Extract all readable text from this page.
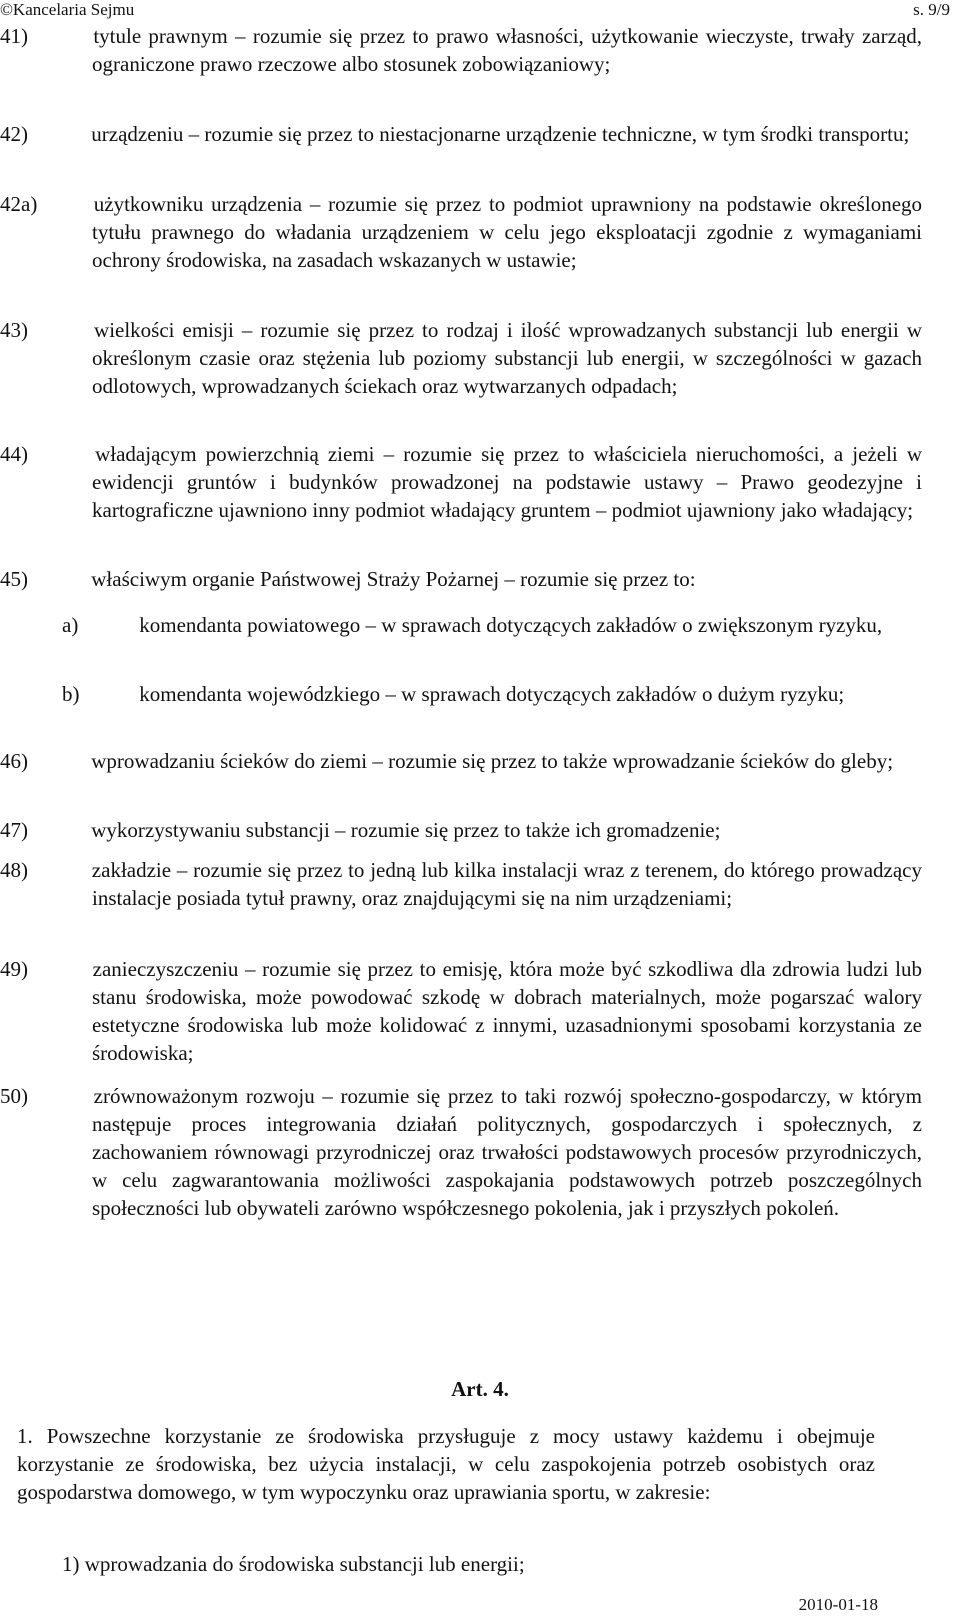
©Kancelaria Sejmu	s. 9/9
41)	tytule prawnym – rozumie się przez to prawo własności, użytkowanie wieczyste, trwały zarząd, ograniczone prawo rzeczowe albo stosunek zobowiązaniowy;
42)	urządzeniu – rozumie się przez to niestacjonarne urządzenie techniczne, w tym środki transportu;
42a)	użytkowniku urządzenia – rozumie się przez to podmiot uprawniony na podstawie określonego tytułu prawnego do władania urządzeniem w celu jego eksploatacji zgodnie z wymaganiami ochrony środowiska, na zasadach wskazanych w ustawie;
43)	wielkości emisji – rozumie się przez to rodzaj i ilość wprowadzanych substancji lub energii w określonym czasie oraz stężenia lub poziomy substancji lub energii, w szczególności w gazach odlotowych, wprowadzanych ściekach oraz wytwarzanych odpadach;
44)	władającym powierzchnią ziemi – rozumie się przez to właściciela nieruchomości, a jeżeli w ewidencji gruntów i budynków prowadzonej na podstawie ustawy – Prawo geodezyjne i kartograficzne ujawniono inny podmiot władający gruntem – podmiot ujawniony jako władający;
45)	właściwym organie Państwowej Straży Pożarnej – rozumie się przez to:
a)	komendanta powiatowego – w sprawach dotyczących zakładów o zwiększonym ryzyku,
b)	komendanta wojewódzkiego – w sprawach dotyczących zakładów o dużym ryzyku;
46)	wprowadzaniu ścieków do ziemi – rozumie się przez to także wprowadzanie ścieków do gleby;
47)	wykorzystywaniu substancji – rozumie się przez to także ich gromadzenie;
48)	zakładzie – rozumie się przez to jedną lub kilka instalacji wraz z terenem, do którego prowadzący instalacje posiada tytuł prawny, oraz znajdującymi się na nim urządzeniami;
49)	zanieczyszczeniu – rozumie się przez to emisję, która może być szkodliwa dla zdrowia ludzi lub stanu środowiska, może powodować szkodę w dobrach materialnych, może pogarszać walory estetyczne środowiska lub może kolidować z innymi, uzasadnionymi sposobami korzystania ze środowiska;
50)	zrównoważonym rozwoju – rozumie się przez to taki rozwój społeczno-gospodarczy, w którym następuje proces integrowania działań politycznych, gospodarczych i społecznych, z zachowaniem równowagi przyrodniczej oraz trwałości podstawowych procesów przyrodniczych, w celu zagwarantowania możliwości zaspokajania podstawowych potrzeb poszczególnych społeczności lub obywateli zarówno współczesnego pokolenia, jak i przyszłych pokoleń.
Art. 4.
1. Powszechne korzystanie ze środowiska przysługuje z mocy ustawy każdemu i obejmuje korzystanie ze środowiska, bez użycia instalacji, w celu zaspokojenia potrzeb osobistych oraz gospodarstwa domowego, w tym wypoczynku oraz uprawiania sportu, w zakresie:
1) wprowadzania do środowiska substancji lub energii;
2010-01-18
